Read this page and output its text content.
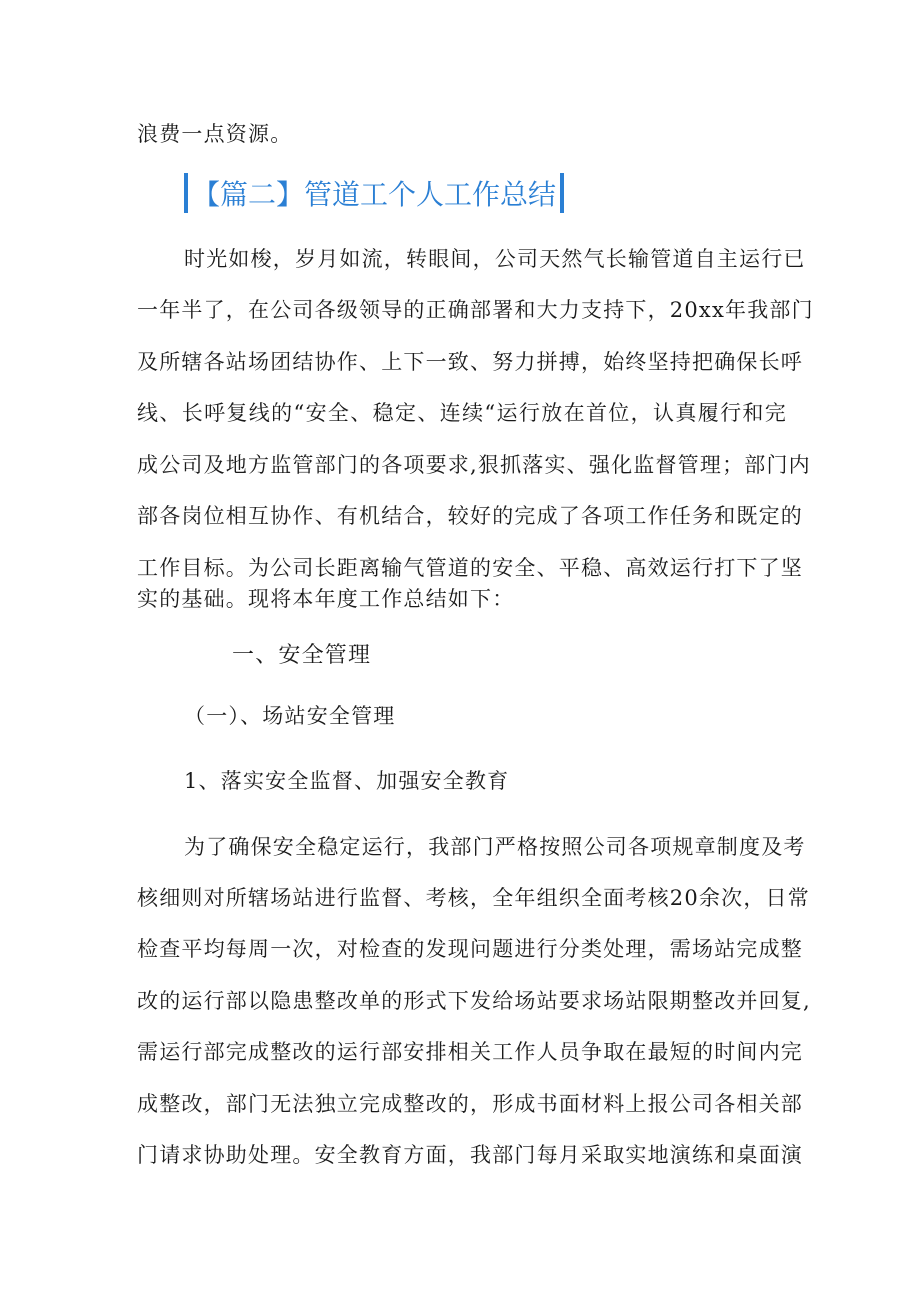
浪费一点资源。
【篇二】管道工个人工作总结
时光如梭，岁月如流，转眼间，公司天然气长输管道自主运行已
一年半了，在公司各级领导的正确部署和大力支持下，20xx年我部门
及所辖各站场团结协作、上下一致、努力拼搏，始终坚持把确保长呼
线、长呼复线的“安全、稳定、连续“运行放在首位，认真履行和完
成公司及地方监管部门的各项要求,狠抓落实、强化监督管理；部门内
部各岗位相互协作、有机结合，较好的完成了各项工作任务和既定的
工作目标。为公司长距离输气管道的安全、平稳、高效运行打下了坚
实的基础。现将本年度工作总结如下：
一、安全管理
（一）、场站安全管理
1、落实安全监督、加强安全教育
为了确保安全稳定运行，我部门严格按照公司各项规章制度及考
核细则对所辖场站进行监督、考核，全年组织全面考核20余次，日常
检查平均每周一次，对检查的发现问题进行分类处理，需场站完成整
改的运行部以隐患整改单的形式下发给场站要求场站限期整改并回复,
需运行部完成整改的运行部安排相关工作人员争取在最短的时间内完
成整改，部门无法独立完成整改的，形成书面材料上报公司各相关部
门请求协助处理。安全教育方面，我部门每月采取实地演练和桌面演
